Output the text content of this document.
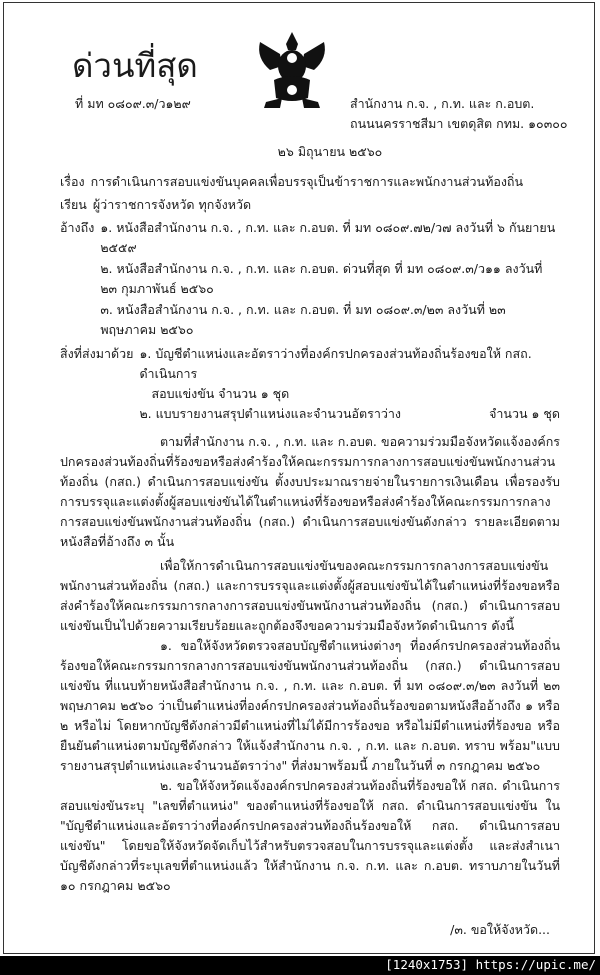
ด่วนที่สุด
ที่ มท ๐๘๐๙.๓/ว๑๒๙	สำนักงาน ก.จ. , ก.ท. และ ก.อบต.
ถนนนครราชสีมา เขตดุสิต กทม. ๑๐๓๐๐
๒๖ มิถุนายน ๒๕๖๐
เรื่อง การดำเนินการสอบแข่งขันบุคคลเพื่อบรรจุเป็นข้าราชการและพนักงานส่วนท้องถิ่น
เรียน ผู้ว่าราชการจังหวัด ทุกจังหวัด
อ้างถึง ๑. หนังสือสำนักงาน ก.จ. , ก.ท. และ ก.อบต. ที่ มท ๐๘๐๙.๗๒/ว๗ ลงวันที่ ๖ กันยายน ๒๕๕๙
๒. หนังสือสำนักงาน ก.จ. , ก.ท. และ ก.อบต. ด่วนที่สุด ที่ มท ๐๘๐๙.๓/ว๑๑ ลงวันที่ ๒๓ กุมภาพันธ์ ๒๕๖๐
๓. หนังสือสำนักงาน ก.จ. , ก.ท. และ ก.อบต. ที่ มท ๐๘๐๙.๓/๒๓ ลงวันที่ ๒๓ พฤษภาคม ๒๕๖๐
สิ่งที่ส่งมาด้วย ๑. บัญชีตำแหน่งและอัตราว่างที่องค์กรปกครองส่วนท้องถิ่นร้องขอให้ กสถ. ดำเนินการ
สอบแข่งขัน จำนวน ๑ ชุด
๒. แบบรายงานสรุปตำแหน่งและจำนวนอัตราว่าง	จำนวน ๑ ชุด

ตามที่สำนักงาน ก.จ. , ก.ท. และ ก.อบต. ขอความร่วมมือจังหวัดแจ้งองค์กรปกครองส่วนท้องถิ่นที่ร้องขอหรือส่งคำร้องให้คณะกรรมการกลางการสอบแข่งขันพนักงานส่วนท้องถิ่น (กสถ.) ดำเนินการสอบแข่งขัน ตั้งงบประมาณรายจ่ายในรายการเงินเดือน เพื่อรองรับการบรรจุและแต่งตั้งผู้สอบแข่งขันได้ในตำแหน่งที่ร้องขอหรือส่งคำร้องให้คณะกรรมการกลางการสอบแข่งขันพนักงานส่วนท้องถิ่น (กสถ.) ดำเนินการสอบแข่งขันดังกล่าว รายละเอียดตามหนังสือที่อ้างถึง ๓ นั้น

เพื่อให้การดำเนินการสอบแข่งขันของคณะกรรมการกลางการสอบแข่งขันพนักงานส่วนท้องถิ่น (กสถ.) และการบรรจุและแต่งตั้งผู้สอบแข่งขันได้ในตำแหน่งที่ร้องขอหรือส่งคำร้องให้คณะกรรมการกลางการสอบแข่งขันพนักงานส่วนท้องถิ่น (กสถ.) ดำเนินการสอบแข่งขันเป็นไปด้วยความเรียบร้อยและถูกต้องจึงขอความร่วมมือจังหวัดดำเนินการ ดังนี้

๑. ขอให้จังหวัดตรวจสอบบัญชีตำแหน่งต่างๆ ที่องค์กรปกครองส่วนท้องถิ่นร้องขอให้คณะกรรมการกลางการสอบแข่งขันพนักงานส่วนท้องถิ่น (กสถ.) ดำเนินการสอบแข่งขัน ที่แนบท้ายหนังสือสำนักงาน ก.จ. , ก.ท. และ ก.อบต. ที่ มท ๐๘๐๙.๓/๒๓ ลงวันที่ ๒๓ พฤษภาคม ๒๕๖๐ ว่าเป็นตำแหน่งที่องค์กรปกครองส่วนท้องถิ่นร้องขอตามหนังสืออ้างถึง ๑ หรือ ๒ หรือไม่ โดยหากบัญชีดังกล่าวมีตำแหน่งที่ไม่ได้มีการร้องขอ หรือไม่มีตำแหน่งที่ร้องขอ หรือยืนยันตำแหน่งตามบัญชีดังกล่าว ให้แจ้งสำนักงาน ก.จ. , ก.ท. และ ก.อบต. ทราบ พร้อม"แบบรายงานสรุปตำแหน่งและจำนวนอัตราว่าง" ที่ส่งมาพร้อมนี้ ภายในวันที่ ๓ กรกฎาคม ๒๕๖๐

๒. ขอให้จังหวัดแจ้งองค์กรปกครองส่วนท้องถิ่นที่ร้องขอให้ กสถ. ดำเนินการสอบแข่งขันระบุ "เลขที่ตำแหน่ง" ของตำแหน่งที่ร้องขอให้ กสถ. ดำเนินการสอบแข่งขัน ใน "บัญชีตำแหน่งและอัตราว่างที่องค์กรปกครองส่วนท้องถิ่นร้องขอให้ กสถ. ดำเนินการสอบแข่งขัน" โดยขอให้จังหวัดจัดเก็บไว้สำหรับตรวจสอบในการบรรจุและแต่งตั้ง และส่งสำเนาบัญชีดังกล่าวที่ระบุเลขที่ตำแหน่งแล้ว ให้สำนักงาน ก.จ. ก.ท. และ ก.อบต. ทราบภายในวันที่ ๑๐ กรกฎาคม ๒๕๖๐

/๓. ขอให้จังหวัด...
[1240x1753] https://upic.me/
